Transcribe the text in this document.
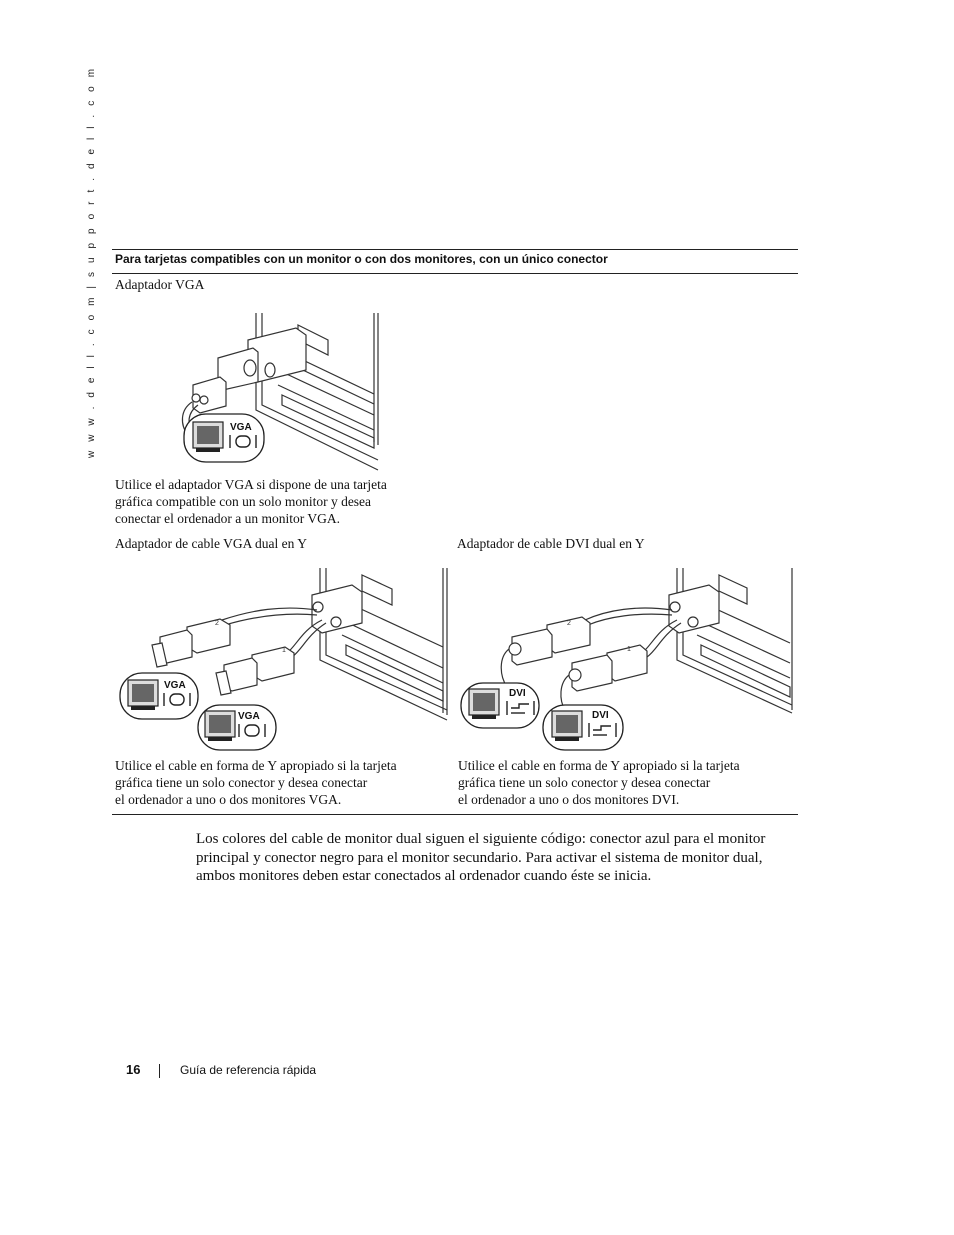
w w w . d e l l . c o m | s u p p o r t . d e l l . c o m Para tarjetas compatibles con un monitor o con dos monitores, con un único conector
Adaptador VGA
VGA
Utilice el adaptador VGA si dispone de una tarjeta
gráfica compatible con un solo monitor y desea
conectar el ordenador a un monitor VGA.
Adaptador de cable VGA dual en Y	Adaptador de cable DVI dual en Y
2
1
VGA
VGA
2
1
DVI
DVI
Utilice el cable en forma de Y apropiado si la tarjeta
gráfica tiene un solo conector y desea conectar
el ordenador a uno o dos monitores VGA.
Utilice el cable en forma de Y apropiado si la tarjeta
gráfica tiene un solo conector y desea conectar
el ordenador a uno o dos monitores DVI.
Los colores del cable de monitor dual siguen el siguiente código: conector azul para el monitor
principal y conector negro para el monitor secundario. Para activar el sistema de monitor dual,
ambos monitores deben estar conectados al ordenador cuando éste se inicia.
16	Guía de referencia rápida
